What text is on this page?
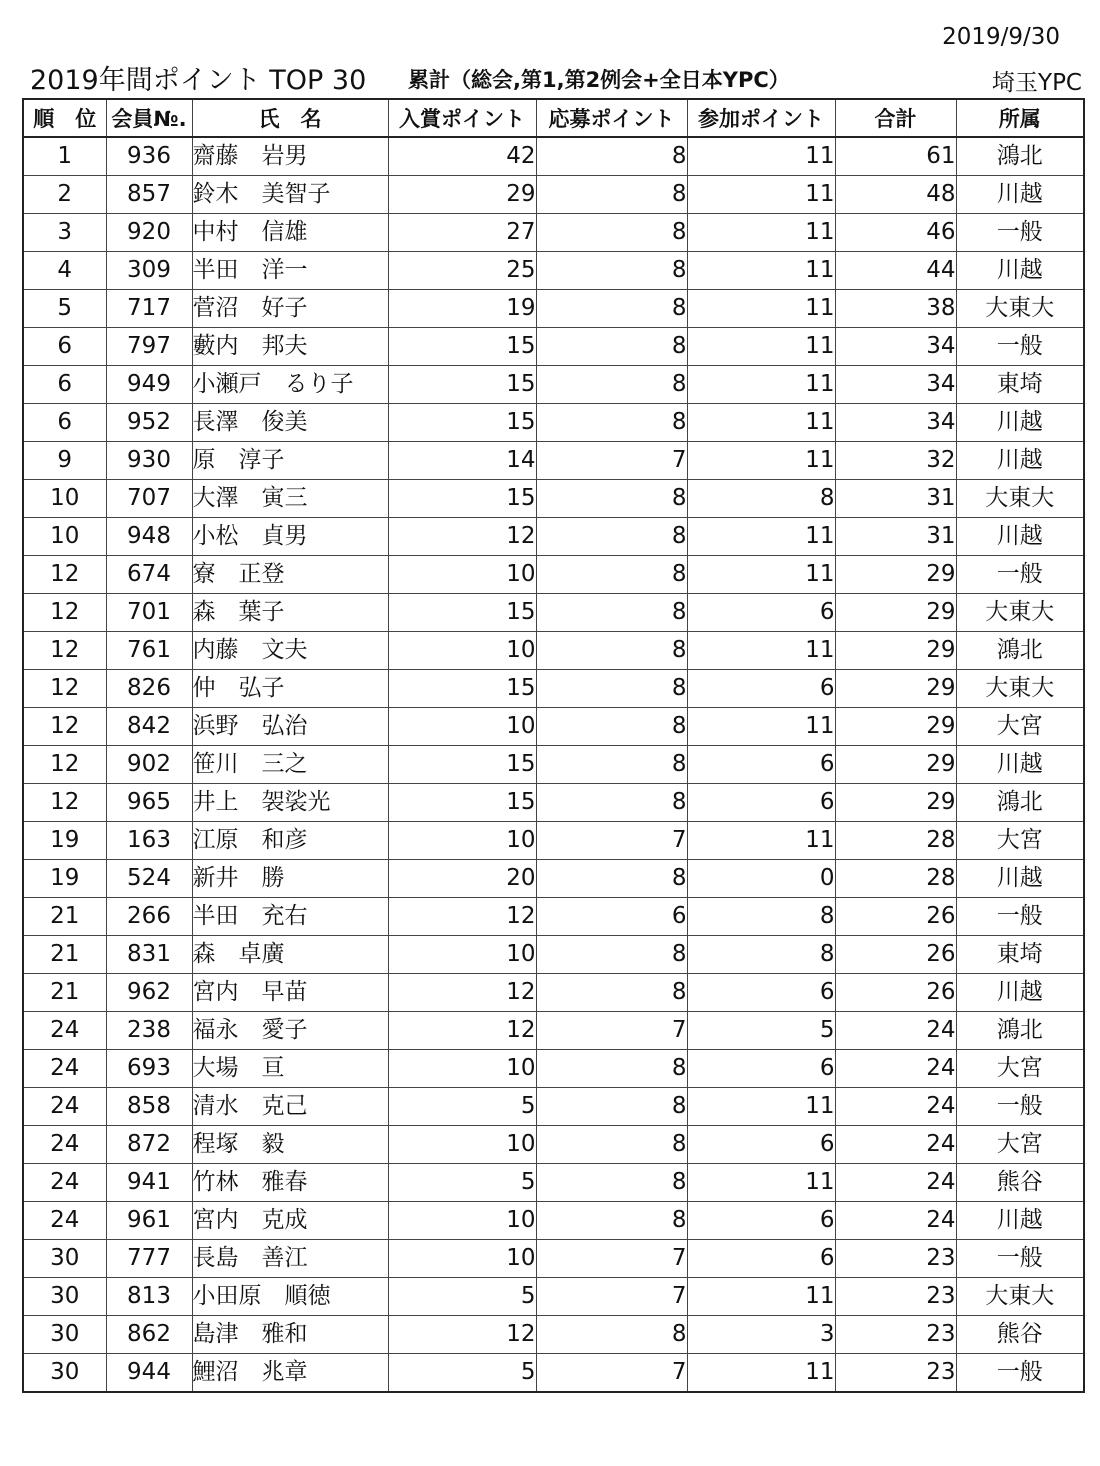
2019/9/30
2019年間ポイント TOP 30 累計（総会,第1,第2例会+全日本YPC）	埼玉YPC
順　位	会員№.	氏　名	入賞ポイント	応募ポイント	参加ポイント	合計	所属
1	936	齋藤　岩男	42	8	11	61	鴻北
2	857	鈴木　美智子	29	8	11	48	川越
3	920	中村　信雄	27	8	11	46	一般
4	309	半田　洋一	25	8	11	44	川越
5	717	菅沼　好子	19	8	11	38	大東大
6	797	藪内　邦夫	15	8	11	34	一般
6	949	小瀬戸　るり子	15	8	11	34	東埼
6	952	長澤　俊美	15	8	11	34	川越
9	930	原　淳子	14	7	11	32	川越
10	707	大澤　寅三	15	8	8	31	大東大
10	948	小松　貞男	12	8	11	31	川越
12	674	寮　正登	10	8	11	29	一般
12	701	森　葉子	15	8	6	29	大東大
12	761	内藤　文夫	10	8	11	29	鴻北
12	826	仲　弘子	15	8	6	29	大東大
12	842	浜野　弘治	10	8	11	29	大宮
12	902	笹川　三之	15	8	6	29	川越
12	965	井上　袈裟光	15	8	6	29	鴻北
19	163	江原　和彦	10	7	11	28	大宮
19	524	新井　勝	20	8	0	28	川越
21	266	半田　充右	12	6	8	26	一般
21	831	森　卓廣	10	8	8	26	東埼
21	962	宮内　早苗	12	8	6	26	川越
24	238	福永　愛子	12	7	5	24	鴻北
24	693	大場　亘	10	8	6	24	大宮
24	858	清水　克己	5	8	11	24	一般
24	872	程塚　毅	10	8	6	24	大宮
24	941	竹林　雅春	5	8	11	24	熊谷
24	961	宮内　克成	10	8	6	24	川越
30	777	長島　善江	10	7	6	23	一般
30	813	小田原　順徳	5	7	11	23	大東大
30	862	島津　雅和	12	8	3	23	熊谷
30	944	鯉沼　兆章	5	7	11	23	一般
